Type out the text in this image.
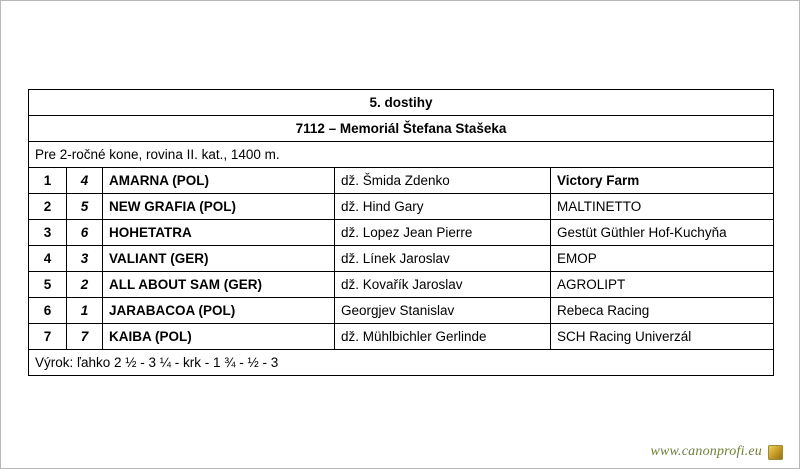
5. dostihy				
7112 – Memoriál Štefana Stašeka				
Pre 2-ročné kone, rovina II. kat., 1400 m.				
1	4	AMARNA (POL)	dž. Šmida Zdenko	Victory Farm
2	5	NEW GRAFIA (POL)	dž. Hind Gary	MALTINETTO
3	6	HOHETATRA	dž. Lopez Jean Pierre	Gestüt Güthler Hof-Kuchyňa
4	3	VALIANT (GER)	dž. Línek Jaroslav	EMOP
5	2	ALL ABOUT SAM (GER)	dž. Kovařík Jaroslav	AGROLIPT
6	1	JARABACOA (POL)	Georgjev Stanislav	Rebeca Racing
7	7	KAIBA (POL)	dž. Mühlbichler Gerlinde	SCH Racing Univerzál
Výrok: ľahko 2 ½ - 3 ¼ - krk - 1 ¾ - ½ - 3				
www.canonprofi.eu
